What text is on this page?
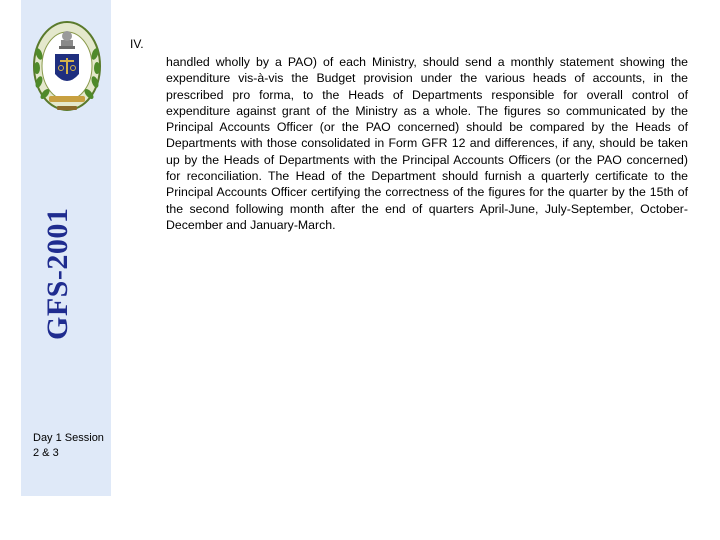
GFS-2001
Day 1 Session 2 & 3
IV.
handled wholly by a PAO) of each Ministry, should send a monthly statement showing the expenditure vis-à-vis the Budget provision under the various heads of accounts, in the prescribed pro forma, to the Heads of Departments responsible for overall control of expenditure against grant of the Ministry as a whole. The figures so communicated by the Principal Accounts Officer (or the PAO concerned) should be compared by the Heads of Departments with those consolidated in Form GFR 12 and differences, if any, should be taken up by the Heads of Departments with the Principal Accounts Officers (or the PAO concerned) for reconciliation. The Head of the Department should furnish a quarterly certificate to the Principal Accounts Officer certifying the correctness of the figures for the quarter by the 15th of the second following month after the end of quarters April-June, July-September, October-December and January-March.
